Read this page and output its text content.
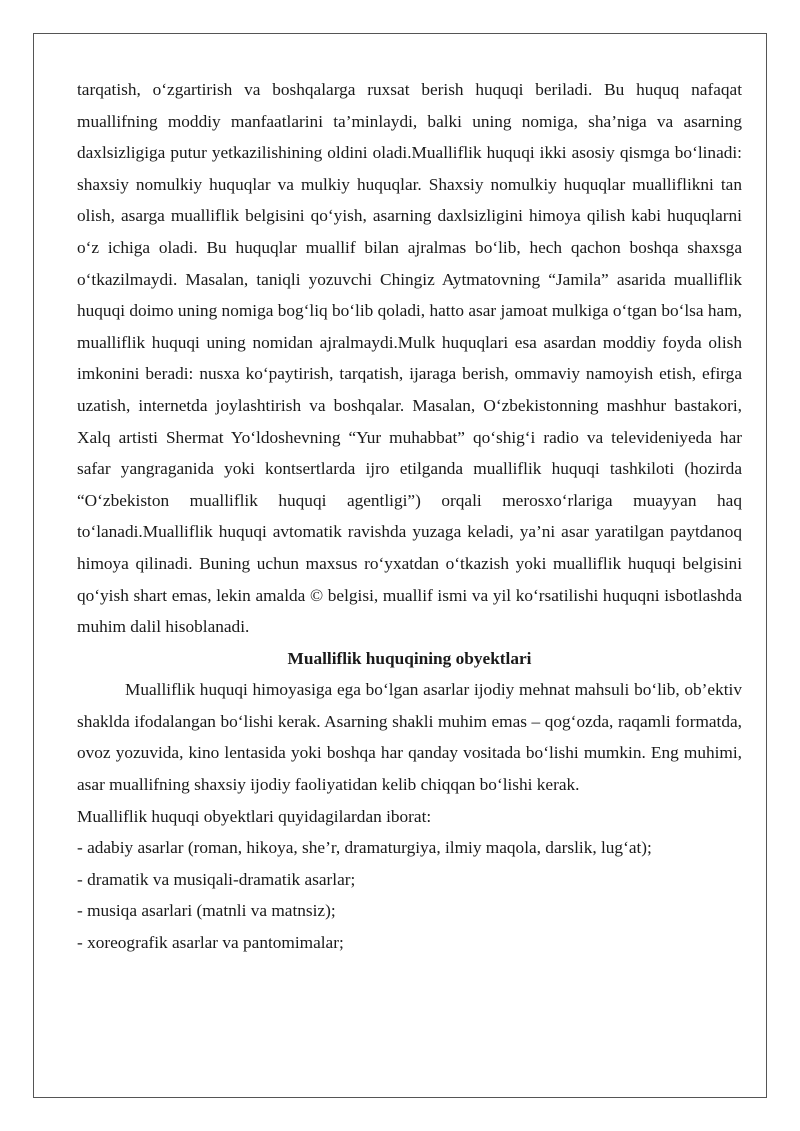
tarqatish, o‘zgartirish va boshqalarga ruxsat berish huquqi beriladi. Bu huquq nafaqat muallifning moddiy manfaatlarini ta’minlaydi, balki uning nomiga, sha’niga va asarning daxlsizligiga putur yetkazilishining oldini oladi.Mualliflik huquqi ikki asosiy qismga bo‘linadi: shaxsiy nomulkiy huquqlar va mulkiy huquqlar. Shaxsiy nomulkiy huquqlar mualliflikni tan olish, asarga mualliflik belgisini qo‘yish, asarning daxlsizligini himoya qilish kabi huquqlarni o‘z ichiga oladi. Bu huquqlar muallif bilan ajralmas bo‘lib, hech qachon boshqa shaxsga o‘tkazilmaydi. Masalan, taniqli yozuvchi Chingiz Aytmatovning “Jamila” asarida mualliflik huquqi doimo uning nomiga bog‘liq bo‘lib qoladi, hatto asar jamoat mulkiga o‘tgan bo‘lsa ham, mualliflik huquqi uning nomidan ajralmaydi.Mulk huquqlari esa asardan moddiy foyda olish imkonini beradi: nusxa ko‘paytirish, tarqatish, ijaraga berish, ommaviy namoyish etish, efirga uzatish, internetda joylashtirish va boshqalar. Masalan, O‘zbekistonning mashhur bastakori, Xalq artisti Shermat Yo‘ldoshevning “Yur muhabbat” qo‘shig‘i radio va televideniyeda har safar yangraganida yoki kontsertlarda ijro etilganda mualliflik huquqi tashkiloti (hozirda “O‘zbekiston mualliflik huquqi agentligi”) orqali merosxo‘rlariga muayyan haq to‘lanadi.Mualliflik huquqi avtomatik ravishda yuzaga keladi, ya’ni asar yaratilgan paytdanoq himoya qilinadi. Buning uchun maxsus ro‘yxatdan o‘tkazish yoki mualliflik huquqi belgisini qo‘yish shart emas, lekin amalda © belgisi, muallif ismi va yil ko‘rsatilishi huquqni isbotlashda muhim dalil hisoblanadi.

Mualliflik huquqining obyektlari

Mualliflik huquqi himoyasiga ega bo‘lgan asarlar ijodiy mehnat mahsuli bo‘lib, ob’ektiv shaklda ifodalangan bo‘lishi kerak. Asarning shakli muhim emas – qog‘ozda, raqamli formatda, ovoz yozuvida, kino lentasida yoki boshqa har qanday vositada bo‘lishi mumkin. Eng muhimi, asar muallifning shaxsiy ijodiy faoliyatidan kelib chiqqan bo‘lishi kerak.

Mualliflik huquqi obyektlari quyidagilardan iborat:

- adabiy asarlar (roman, hikoya, she’r, dramaturgiya, ilmiy maqola, darslik, lug‘at);
- dramatik va musiqali-dramatik asarlar;
- musiqa asarlari (matnli va matnsiz);
- xoreografik asarlar va pantomimalar;
